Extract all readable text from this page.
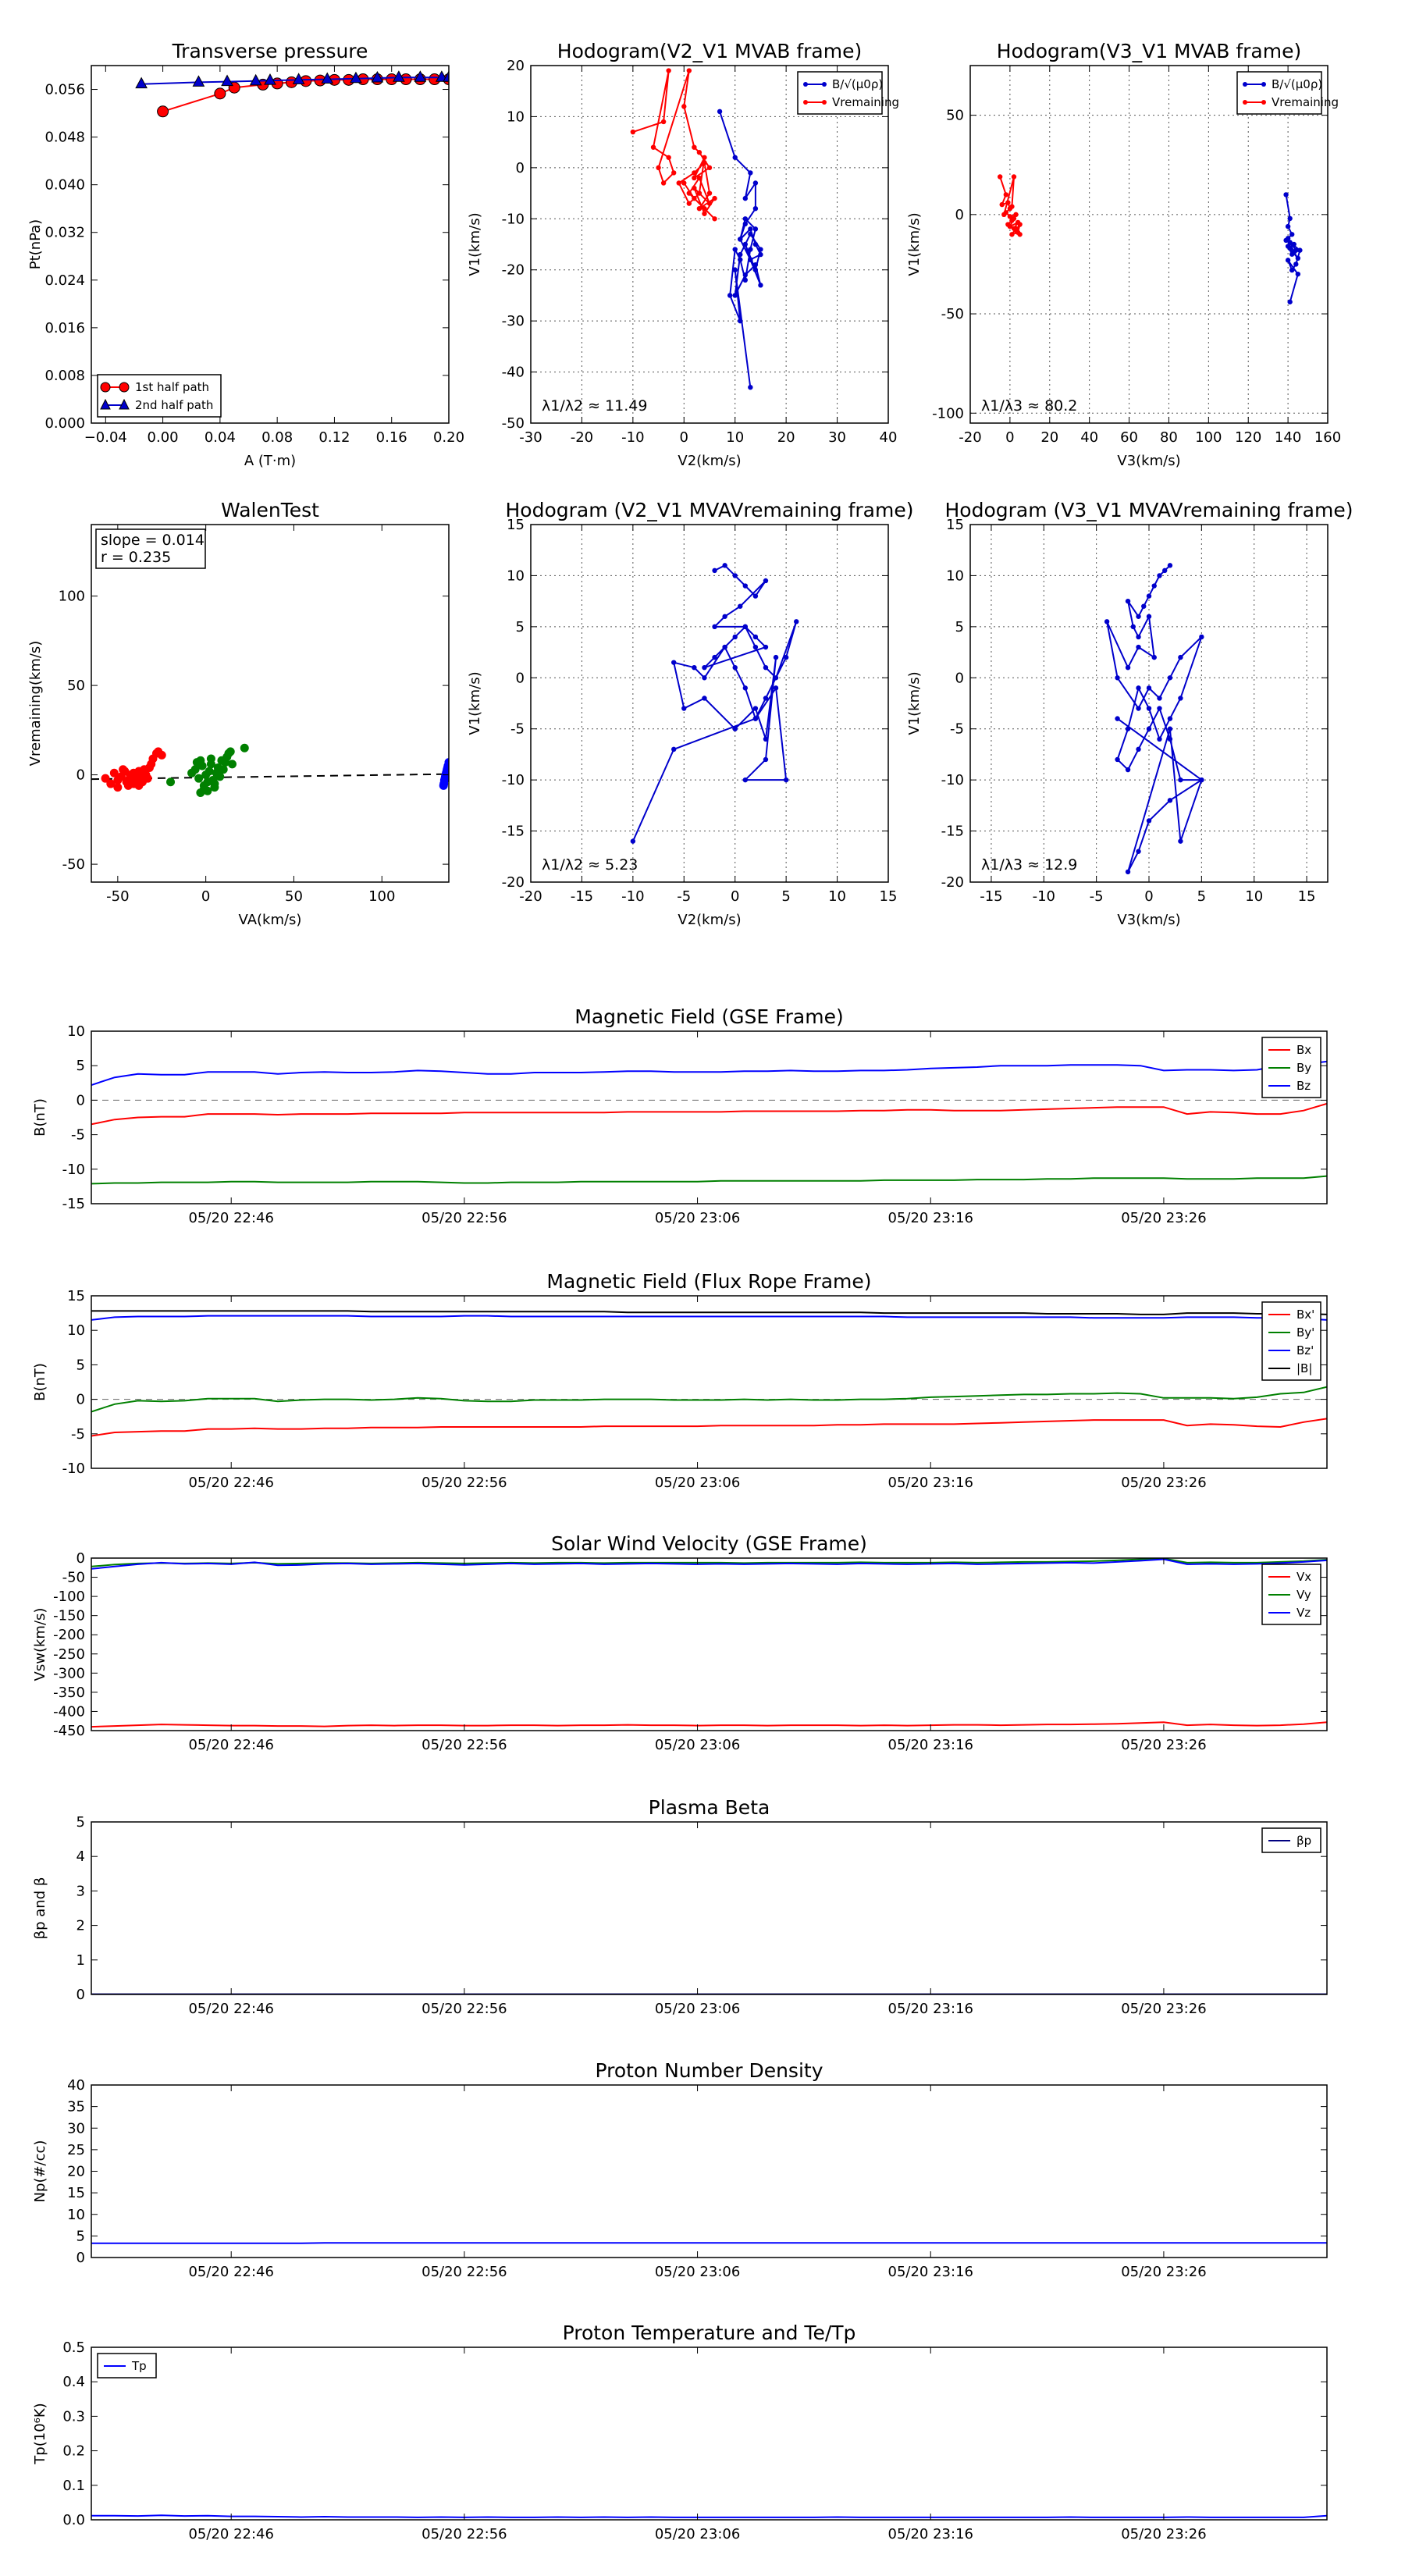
−0.04 0.00 0.04 0.08 0.12 0.16 0.20
0.000
0.008
0.016
0.024
0.032
0.040
0.048
0.056
Transverse pressure
A (T·m)
Pt(nPa)
1st half path
2nd half path
-30 -20 -10 0	10 20 30 40
-50
-40
-30
-20
-10
0
10
20
Hodogram(V2_V1 MVAB frame)
V2(km/s)
V1(km/s)
λ1/λ2 ≈ 11.49
B/√(μ0ρ)
Vremaining
-20 0 20 40 60 80 100 120 140 160
-100
-50
0
50
Hodogram(V3_V1 MVAB frame)
V3(km/s)
V1(km/s)
λ1/λ3 ≈ 80.2
B/√(μ0ρ)
Vremaining
-50	0	50	100
-50
0
50
100
WalenTest
VA(km/s)
Vremaining(km/s)
slope = 0.014
r = 0.235
-20 -15 -10 -5	0	5	10 15
-20
-15
-10
-5
0
5
10
15
Hodogram (V2_V1 MVAVremaining frame)
V2(km/s)
V1(km/s)
λ1/λ2 ≈ 5.23
-15 -10 -5	0	5	10 15
-20
-15
-10
-5
0
5
10
15
Hodogram (V3_V1 MVAVremaining frame)
V3(km/s)
V1(km/s)
λ1/λ3 ≈ 12.9
05/20 22:46	05/20 22:56	05/20 23:06	05/20 23:16	05/20 23:26
-15
-10
-5
0
5
10
Magnetic Field (GSE Frame)
B(nT)
Bx
By
Bz
05/20 22:46	05/20 22:56	05/20 23:06	05/20 23:16	05/20 23:26
-10
-5
0
5
10
15
Magnetic Field (Flux Rope Frame)
B(nT)
Bx'
By'
Bz'
|B|
05/20 22:46	05/20 22:56	05/20 23:06	05/20 23:16	05/20 23:26
-450
-400
-350
-300
-250
-200
-150
-100
-50
0
Solar Wind Velocity (GSE Frame)
Vsw(km/s)
Vx
Vy
Vz
05/20 22:46	05/20 22:56	05/20 23:06	05/20 23:16	05/20 23:26
0
1
2
3
4
5
Plasma Beta
βp and β
βp
05/20 22:46	05/20 22:56	05/20 23:06	05/20 23:16	05/20 23:26
0
5
10
15
20
25
30
35
40
Proton Number Density
Np(#/cc)
05/20 22:46	05/20 22:56	05/20 23:06	05/20 23:16	05/20 23:26
0.0
0.1
0.2
0.3
0.4
0.5
Proton Temperature and Te/Tp
Tp(10⁶K)
Tp
